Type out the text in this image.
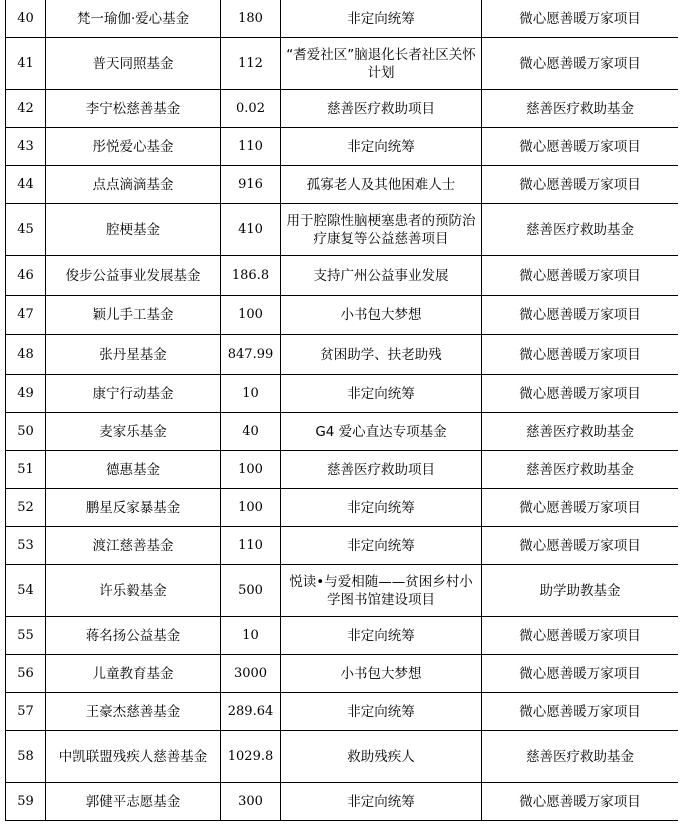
40	梵一瑜伽·爱心基金	180	非定向统筹	微心愿善暖万家项目
41	普天同照基金	112	“耆爱社区”脑退化长者社区关怀计划	微心愿善暖万家项目
42	李宁松慈善基金	0.02	慈善医疗救助项目	慈善医疗救助基金
43	彤悦爱心基金	110	非定向统筹	微心愿善暖万家项目
44	点点滴滴基金	916	孤寡老人及其他困难人士	微心愿善暖万家项目
45	腔梗基金	410	用于腔隙性脑梗塞患者的预防治疗康复等公益慈善项目	慈善医疗救助基金
46	俊步公益事业发展基金	186.8	支持广州公益事业发展	微心愿善暖万家项目
47	颖儿手工基金	100	小书包大梦想	微心愿善暖万家项目
48	张丹星基金	847.99	贫困助学、扶老助残	微心愿善暖万家项目
49	康宁行动基金	10	非定向统筹	微心愿善暖万家项目
50	麦家乐基金	40	G4 爱心直达专项基金	慈善医疗救助基金
51	德惠基金	100	慈善医疗救助项目	慈善医疗救助基金
52	鹏星反家暴基金	100	非定向统筹	微心愿善暖万家项目
53	渡江慈善基金	110	非定向统筹	微心愿善暖万家项目
54	许乐毅基金	500	悦读•与爱相随——贫困乡村小学图书馆建设项目	助学助教基金
55	蒋名扬公益基金	10	非定向统筹	微心愿善暖万家项目
56	儿童教育基金	3000	小书包大梦想	微心愿善暖万家项目
57	王豪杰慈善基金	289.64	非定向统筹	微心愿善暖万家项目
58	中凯联盟残疾人慈善基金	1029.8	救助残疾人	慈善医疗救助基金
59	郭健平志愿基金	300	非定向统筹	微心愿善暖万家项目
